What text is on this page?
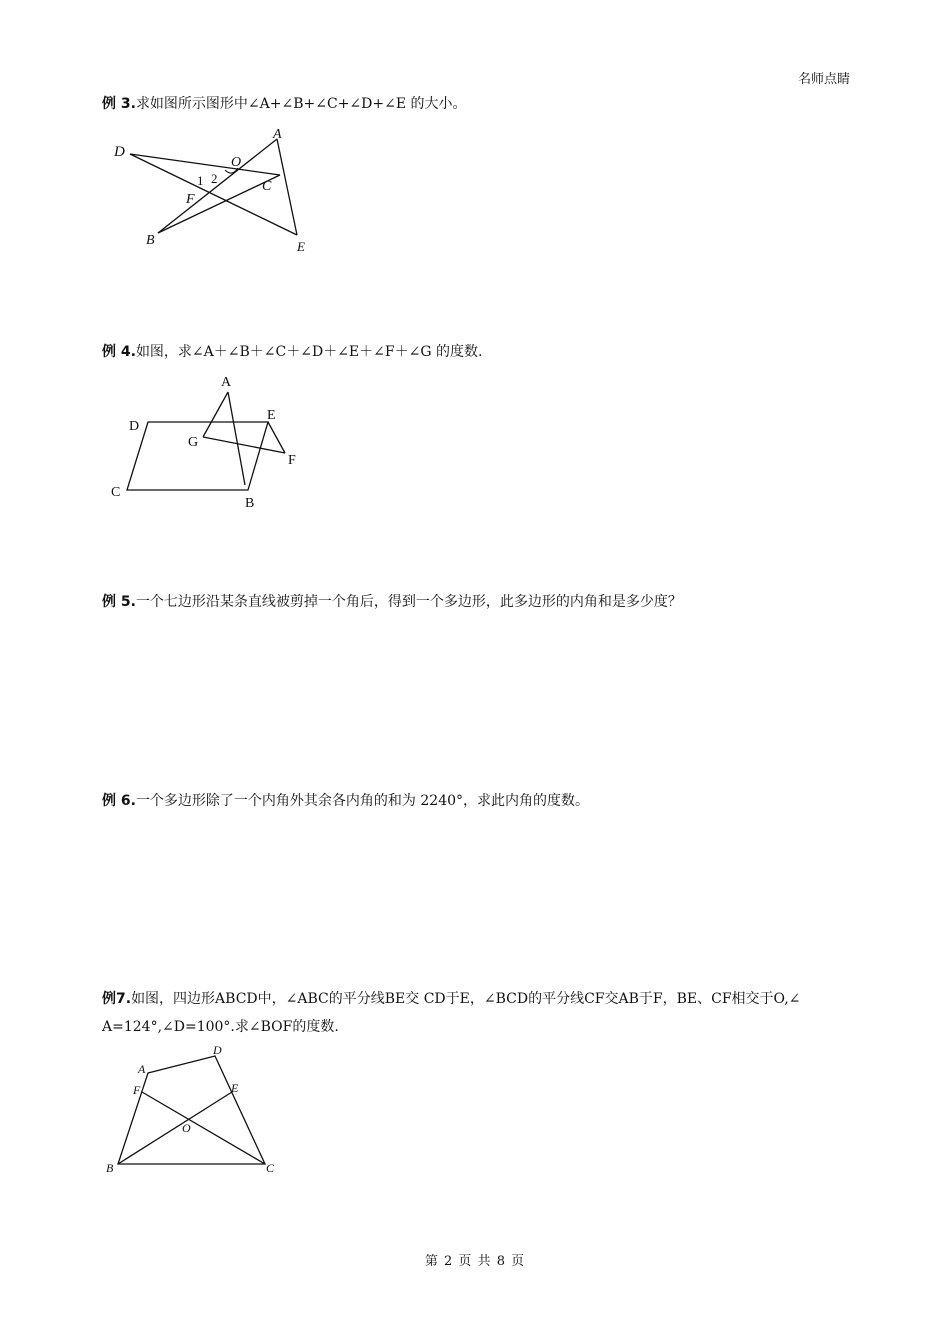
名师点睛
例 3.求如图所示图形中∠A+∠B+∠C+∠D+∠E 的大小。
D
A
O
C
1 2
F
B	E
例 4.如图，求∠A＋∠B＋∠C＋∠D＋∠E＋∠F＋∠G 的度数.
A
D
E
G
F
C
B
例 5.一个七边形沿某条直线被剪掉一个角后，得到一个多边形，此多边形的内角和是多少度？
例 6.一个多边形除了一个内角外其余各内角的和为 2240°，求此内角的度数。
例7.如图，四边形ABCD中，∠ABC的平分线BE交 CD于E，∠BCD的平分线CF交AB于F，BE、CF相交于O,∠
A=124°,∠D=100°.求∠BOF的度数.
A
D
F	E
O
B	C
第 2 页 共 8 页
